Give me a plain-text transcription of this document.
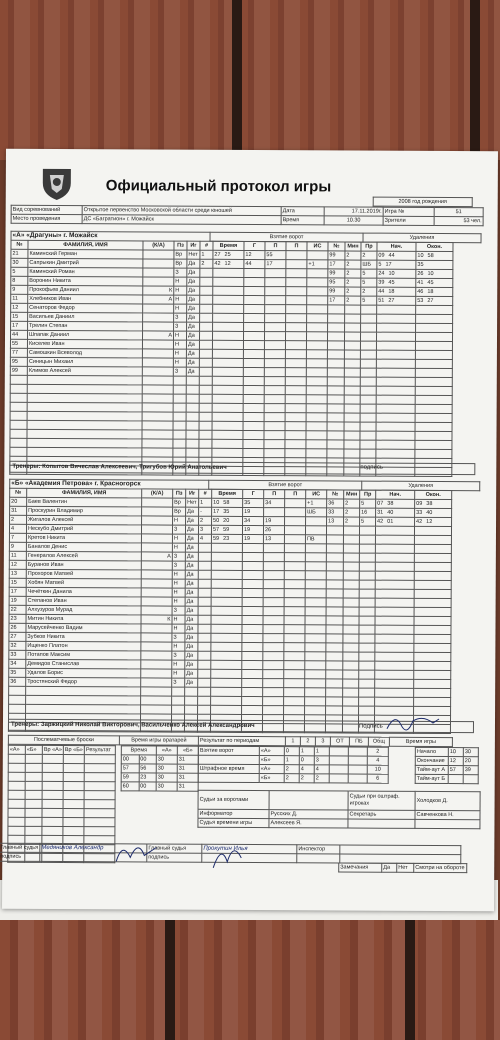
Официальный протокол игры
	2008 год рождения
Вид соревнований	Открытое первенство Московской области среди юношей	Дата	17.11.2019г.	Игра №	51
Место проведения	ДС «Багратион» г. Можайск	Время	10.30	Зрители	53 чел.
«А» «Драгуны» г. Можайск	Взятие ворот	Удаления
№	ФАМИЛИЯ, ИМЯ	(К/А)	Пз	Иг	#	Время	Г	П	П	ИС	№	Мин	Пр	Нач.	Окон.
21	Каминский Герман		Вр	Нет	1	27 25	12	55			99	2	2	09 44	10 58
30	Сапрыкин Дмитрий		Вр	Да	2	42 12	44	17		+1	17	2	ШБ	5 17	35
5	Каминский Роман		З	Да							99	2	5	24 10	26 10
8	Воронин Никита		Н	Да							95	2	5	39 45	41 45
9	Прокофьев Даниил	К	Н	Да							99	2	2	44 18	46 18
11	Хлебников Иван	А	Н	Да							17	2	5	51 27	53 27
12	Сенаторов Федор		Н	Да											
15	Васильев Даниил		З	Да											
17	Трелин Степан		З	Да											
44	Шпапак Даниил	А	Н	Да											
55	Киселев Иван		Н	Да											
77	Самошкин Всеволод		Н	Да											
95	Синицын Михаил		Н	Да											
99	Климов Алексей		З	Да											

Тренеры: Копытов Вячеслав Алексеевич, Тригубов Юрий Анатольевич	подпись
«Б» «Академия Петрова» г. Красногорск	Взятие ворот	Удаления
№	ФАМИЛИЯ, ИМЯ	(К/А)	Пз	Иг	#	Время	Г	П	П	ИС	№	Мин	Пр	Нач.	Окон.
20	Баев Валентин		Вр	Нет	1	10 58	35	34		+1	36	2	5	07 38	09 38
31	Проскурин Владимир		Вр	Да	-	17 35	19			ШБ	33	2	16	31 40	33 40
2	Жигалов Алексей		Н	Да	2	50 20	34	19			13	2	5	42 01	42 12
4	Нескубо Дмитрий		З	Да	3	57 59	19	26							
7	Кретов Никита		Н	Да	4	59 23	19	13		ПВ					
9	Баналов Денис		Н	Да											
11	Генералов Алексей	А	З	Да											
12	Буранов Иван		З	Да											
13	Прохоров Матвей		Н	Да											
15	Хобян Матвей		Н	Да											
17	Чечёткин Данила		Н	Да											
19	Степанов Иван		Н	Да											
22	Алхузуров Мурад		З	Да											
23	Митин Никита	К	Н	Да											
26	Марусейченко Вадим		Н	Да											
27	Зубков Никита		З	Да											
32	Ищенко Платон		Н	Да											
33	Потапов Максим		З	Да											
34	Демидов Станислав		Н	Да											
35	Удалов Борис		Н	Да											
36	Тростянский Федор		З	Да											

Тренеры: Заржицкий Николай Викторович, Васильченко Алексей Александрович	Подпись
Послематчевые броски	Время игры вратарей	Результат по периодам	1	2	3	ОТ	ПБ	Общ	Время игры
«А»	«Б»	Вр «А»	Вр «Б»	Результат

					Время		«А»	«Б»
00	00	30	31
57	56	30	31
59	23	30	31
60	00	30	31
Взятие ворот	«А»	0	1	1			2
	«Б»	1	0	3			4
Штрафное время	«А»	2	4	4			10
	«Б»	2	2	2			6
Начало	10	30
Окончание	12	20
Тайм-аут А	57	39
Тайм-аут Б		
Судьи за воротами		Судьи при оштраф. игроках	Холодков Д.
Информатор	Русских Д.	Секретарь	Савченкова Н.
Судья времени игры	Алексеев Я.		
Главный судья	Медяников Александр	Главный судья	Прокутин Илья	Инспектор	
подпись		подпись			
Замечания	Да	Нет	Смотри на обороте
